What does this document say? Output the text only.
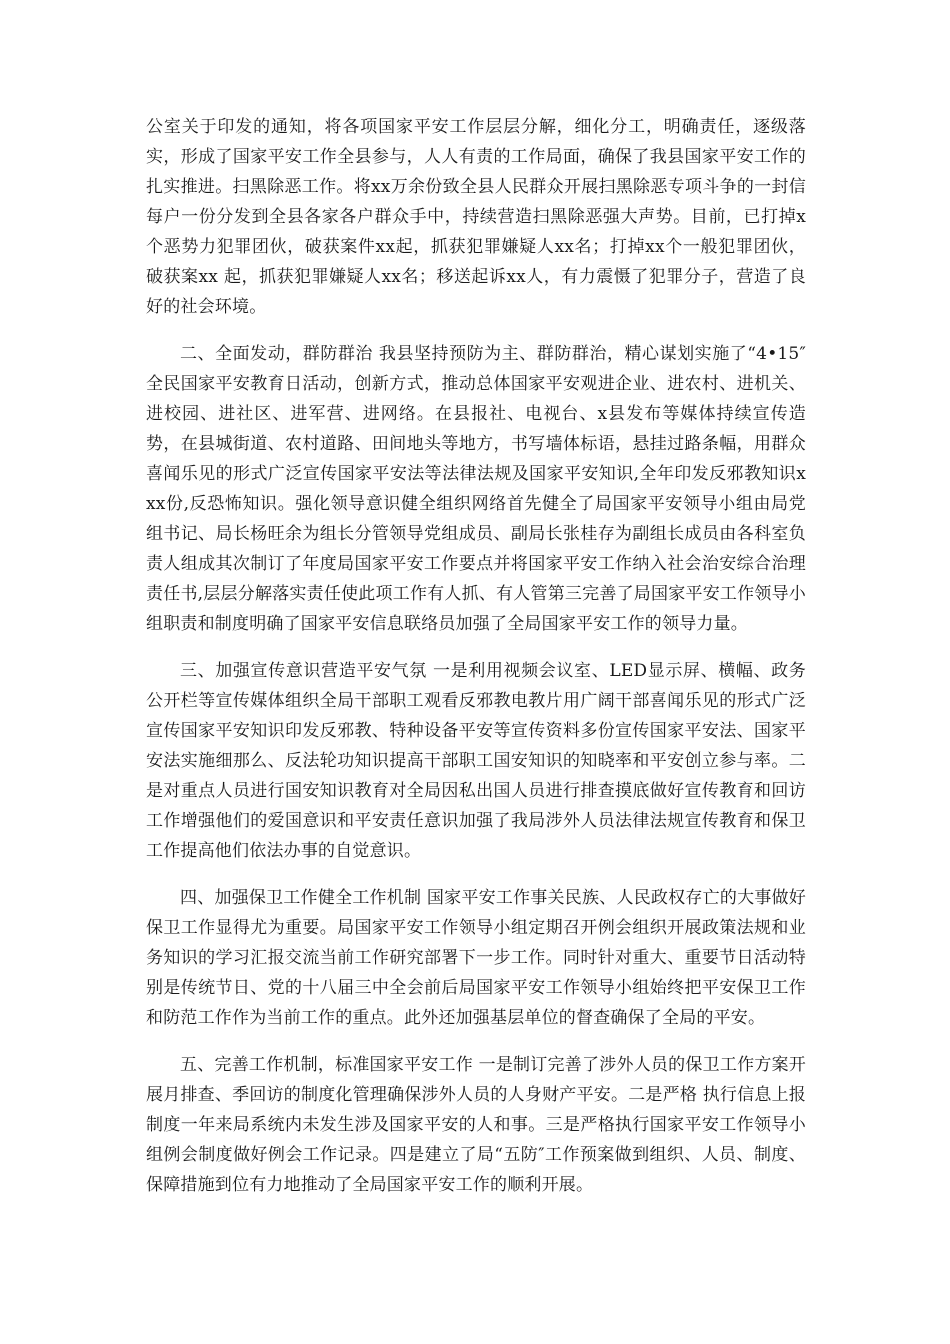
公室关于印发的通知，将各项国家平安工作层层分解，细化分工，明确责任，逐级落实，形成了国家平安工作全县参与，人人有责的工作局面，确保了我县国家平安工作的扎实推进。扫黑除恶工作。将xx万余份致全县人民群众开展扫黑除恶专项斗争的一封信每户一份分发到全县各家各户群众手中，持续营造扫黑除恶强大声势。目前，已打掉x个恶势力犯罪团伙，破获案件xx起，抓获犯罪嫌疑人xx名；打掉xx个一般犯罪团伙，破获案xx 起，抓获犯罪嫌疑人xx名；移送起诉xx人，有力震慑了犯罪分子，营造了良好的社会环境。

二、全面发动，群防群治 我县坚持预防为主、群防群治，精心谋划实施了“4•15″全民国家平安教育日活动，创新方式，推动总体国家平安观进企业、进农村、进机关、进校园、进社区、进军营、进网络。在县报社、电视台、x县发布等媒体持续宣传造势，在县城街道、农村道路、田间地头等地方，书写墙体标语，悬挂过路条幅，用群众喜闻乐见的形式广泛宣传国家平安法等法律法规及国家平安知识,全年印发反邪教知识xxx份,反恐怖知识。强化领导意识健全组织网络首先健全了局国家平安领导小组由局党组书记、局长杨旺余为组长分管领导党组成员、副局长张桂存为副组长成员由各科室负责人组成其次制订了年度局国家平安工作要点并将国家平安工作纳入社会治安综合治理责任书,层层分解落实责任使此项工作有人抓、有人管第三完善了局国家平安工作领导小组职责和制度明确了国家平安信息联络员加强了全局国家平安工作的领导力量。

三、加强宣传意识营造平安气氛 一是利用视频会议室、LED显示屏、横幅、政务公开栏等宣传媒体组织全局干部职工观看反邪教电教片用广阔干部喜闻乐见的形式广泛宣传国家平安知识印发反邪教、特种设备平安等宣传资料多份宣传国家平安法、国家平安法实施细那么、反法轮功知识提高干部职工国安知识的知晓率和平安创立参与率。二是对重点人员进行国安知识教育对全局因私出国人员进行排查摸底做好宣传教育和回访工作增强他们的爱国意识和平安责任意识加强了我局涉外人员法律法规宣传教育和保卫工作提高他们依法办事的自觉意识。

四、加强保卫工作健全工作机制 国家平安工作事关民族、人民政权存亡的大事做好保卫工作显得尤为重要。局国家平安工作领导小组定期召开例会组织开展政策法规和业务知识的学习汇报交流当前工作研究部署下一步工作。同时针对重大、重要节日活动特别是传统节日、党的十八届三中全会前后局国家平安工作领导小组始终把平安保卫工作和防范工作作为当前工作的重点。此外还加强基层单位的督查确保了全局的平安。

五、完善工作机制，标准国家平安工作 一是制订完善了涉外人员的保卫工作方案开展月排查、季回访的制度化管理确保涉外人员的人身财产平安。二是严格 执行信息上报制度一年来局系统内未发生涉及国家平安的人和事。三是严格执行国家平安工作领导小组例会制度做好例会工作记录。四是建立了局“五防″工作预案做到组织、人员、制度、保障措施到位有力地推动了全局国家平安工作的顺利开展。
